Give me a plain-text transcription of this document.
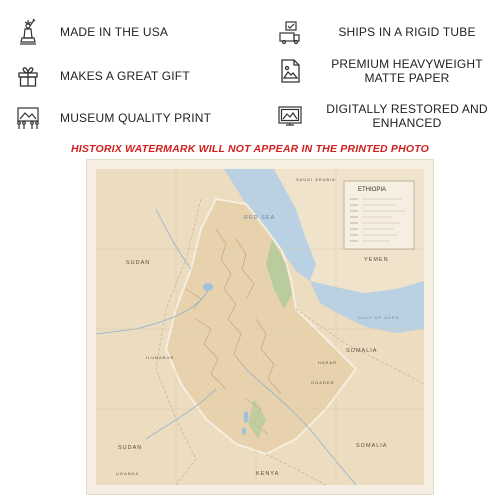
MADE IN THE USA
MAKES A GREAT GIFT
MUSEUM QUALITY PRINT
SHIPS IN A RIGID TUBE
PREMIUM HEAVYWEIGHT MATTE PAPER
DIGITALLY RESTORED AND ENHANCED
HISTORIX WATERMARK WILL NOT APPEAR IN THE PRINTED PHOTO
ETHIOPIA
SUDAN
SUDAN
RED SEA
YEMEN
SAUDI ARABIA
GULF OF ADEN
SOMALIA
SOMALIA
KENYA
UGANDA
ILUBABOR
HARAR
OGADEN
